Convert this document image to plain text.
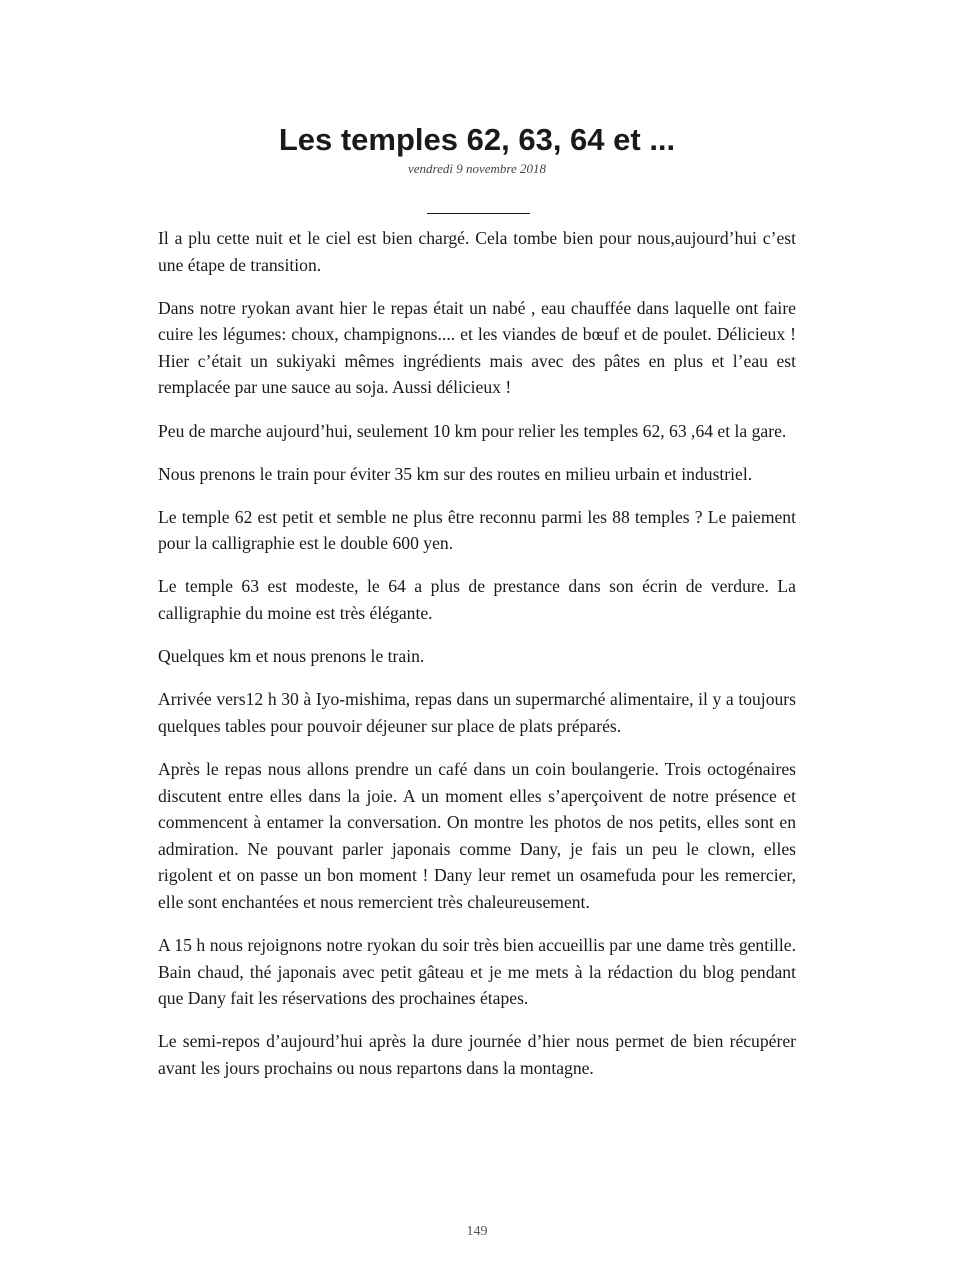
Les temples 62, 63, 64 et ...
vendredi 9 novembre 2018

Il a plu cette nuit et le ciel est bien chargé. Cela tombe bien pour nous,aujourd’hui c’est une étape de transition.

Dans notre ryokan avant hier le repas était un nabé , eau chauffée dans laquelle ont faire cuire les légumes: choux, champignons.... et les viandes de bœuf et de poulet. Délicieux ! Hier c’était un sukiyaki mêmes ingrédients mais avec des pâtes en plus et l’eau est remplacée par une sauce au soja. Aussi délicieux !

Peu de marche aujourd’hui, seulement 10 km pour relier les temples 62, 63 ,64 et la gare.

Nous prenons le train pour éviter 35 km sur des routes en milieu urbain et industriel.

Le temple 62 est petit et semble ne plus être reconnu parmi les 88 temples ? Le paiement pour la calligraphie est le double 600 yen.

Le temple 63 est modeste, le 64 a plus de prestance dans son écrin de verdure. La calligraphie du moine est très élégante.

Quelques km et nous prenons le train.

Arrivée vers12 h 30 à Iyo-mishima, repas dans un supermarché alimentaire, il y a toujours quelques tables pour pouvoir déjeuner sur place de plats préparés.

Après le repas nous allons prendre un café dans un coin boulangerie. Trois octogénaires discutent entre elles dans la joie. A un moment elles s’aperçoivent de notre présence et commencent à entamer la conversation. On montre les photos de nos petits, elles sont en admiration. Ne pouvant parler japonais comme Dany, je fais un peu le clown, elles rigolent et on passe un bon moment ! Dany leur remet un osamefuda pour les remercier, elle sont enchantées et nous remercient très chaleureusement.

A 15 h nous rejoignons notre ryokan du soir très bien accueillis par une dame très gentille. Bain chaud, thé japonais avec petit gâteau et je me mets à la rédaction du blog pendant que Dany fait les réservations des prochaines étapes.

Le semi-repos d’aujourd’hui après la dure journée d’hier nous permet de bien récupérer avant les jours prochains ou nous repartons dans la montagne.

149
